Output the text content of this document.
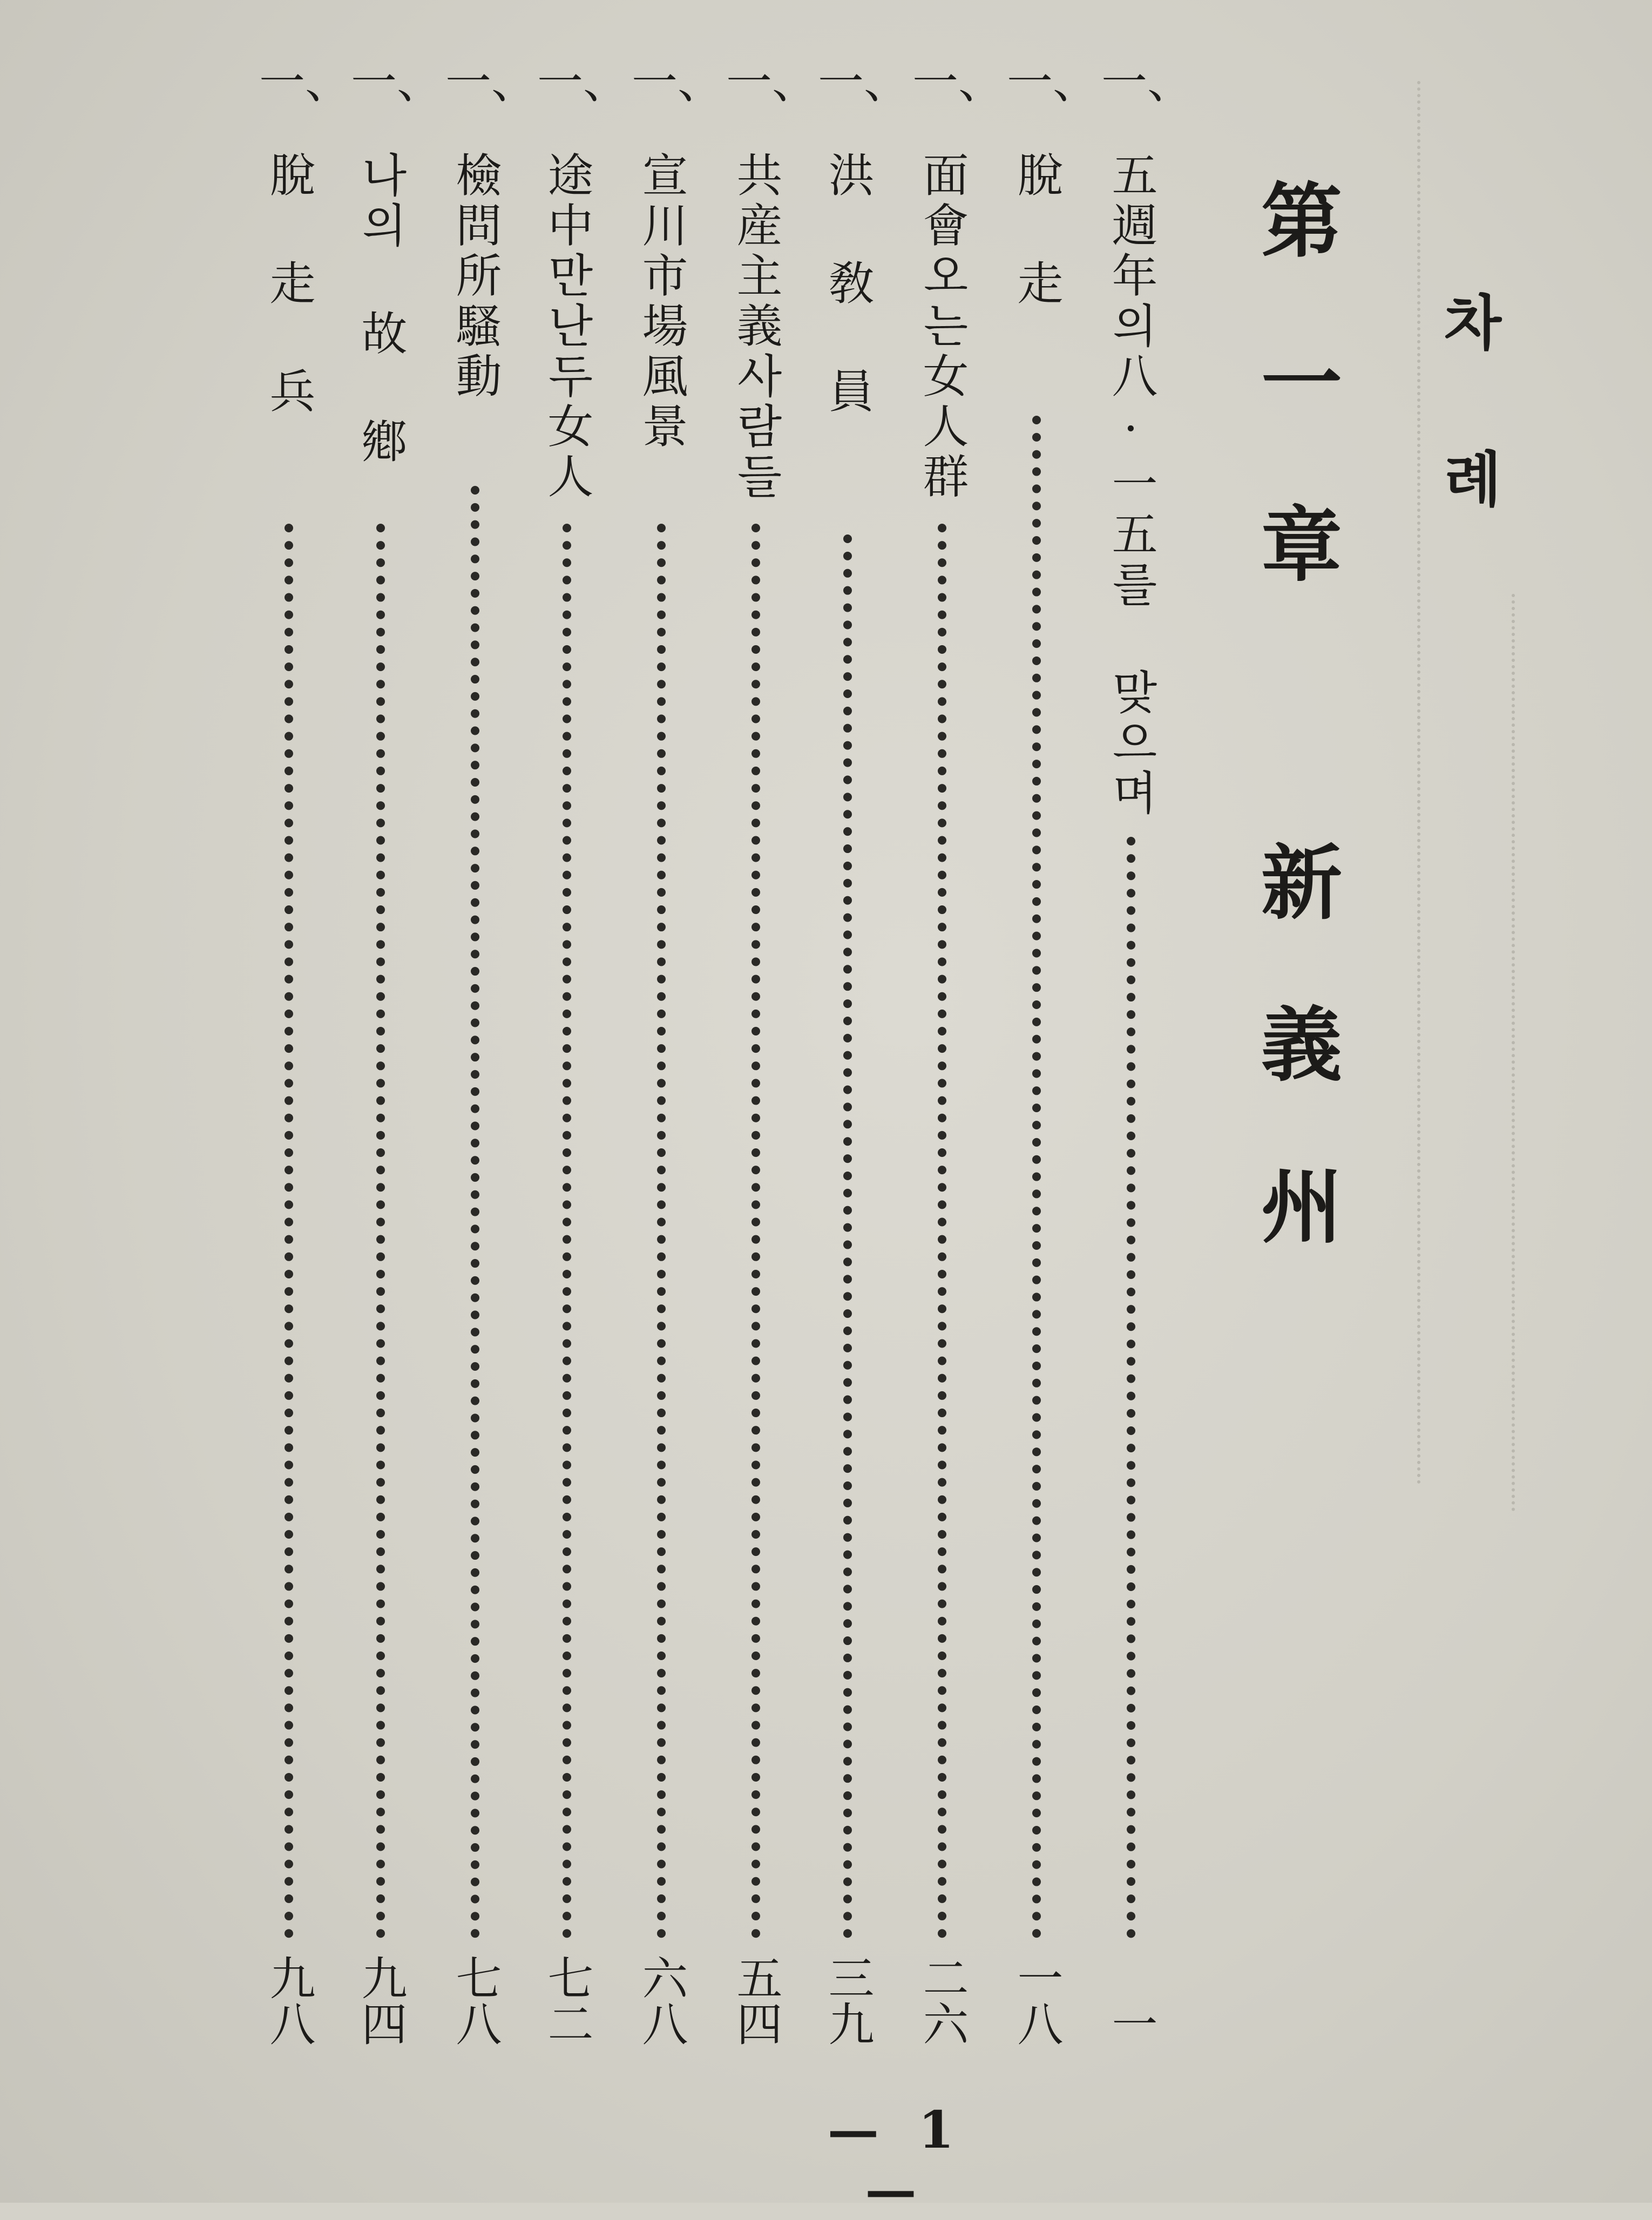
차례
第一章 新義州
一、
五週年의八·一五를 맞으며
一
一、
脫 走
一八
一、
面會오는女人群
二六
一、
洪 敎 員
三九
一、
共産主義사람들
五四
一、
宣川市場風景
六八
一、
途中만난두女人
七二
一、
檢問所騷動
七八
一、
나의 故 鄕
九四
一、
脫 走 兵
九八
— 1 —
